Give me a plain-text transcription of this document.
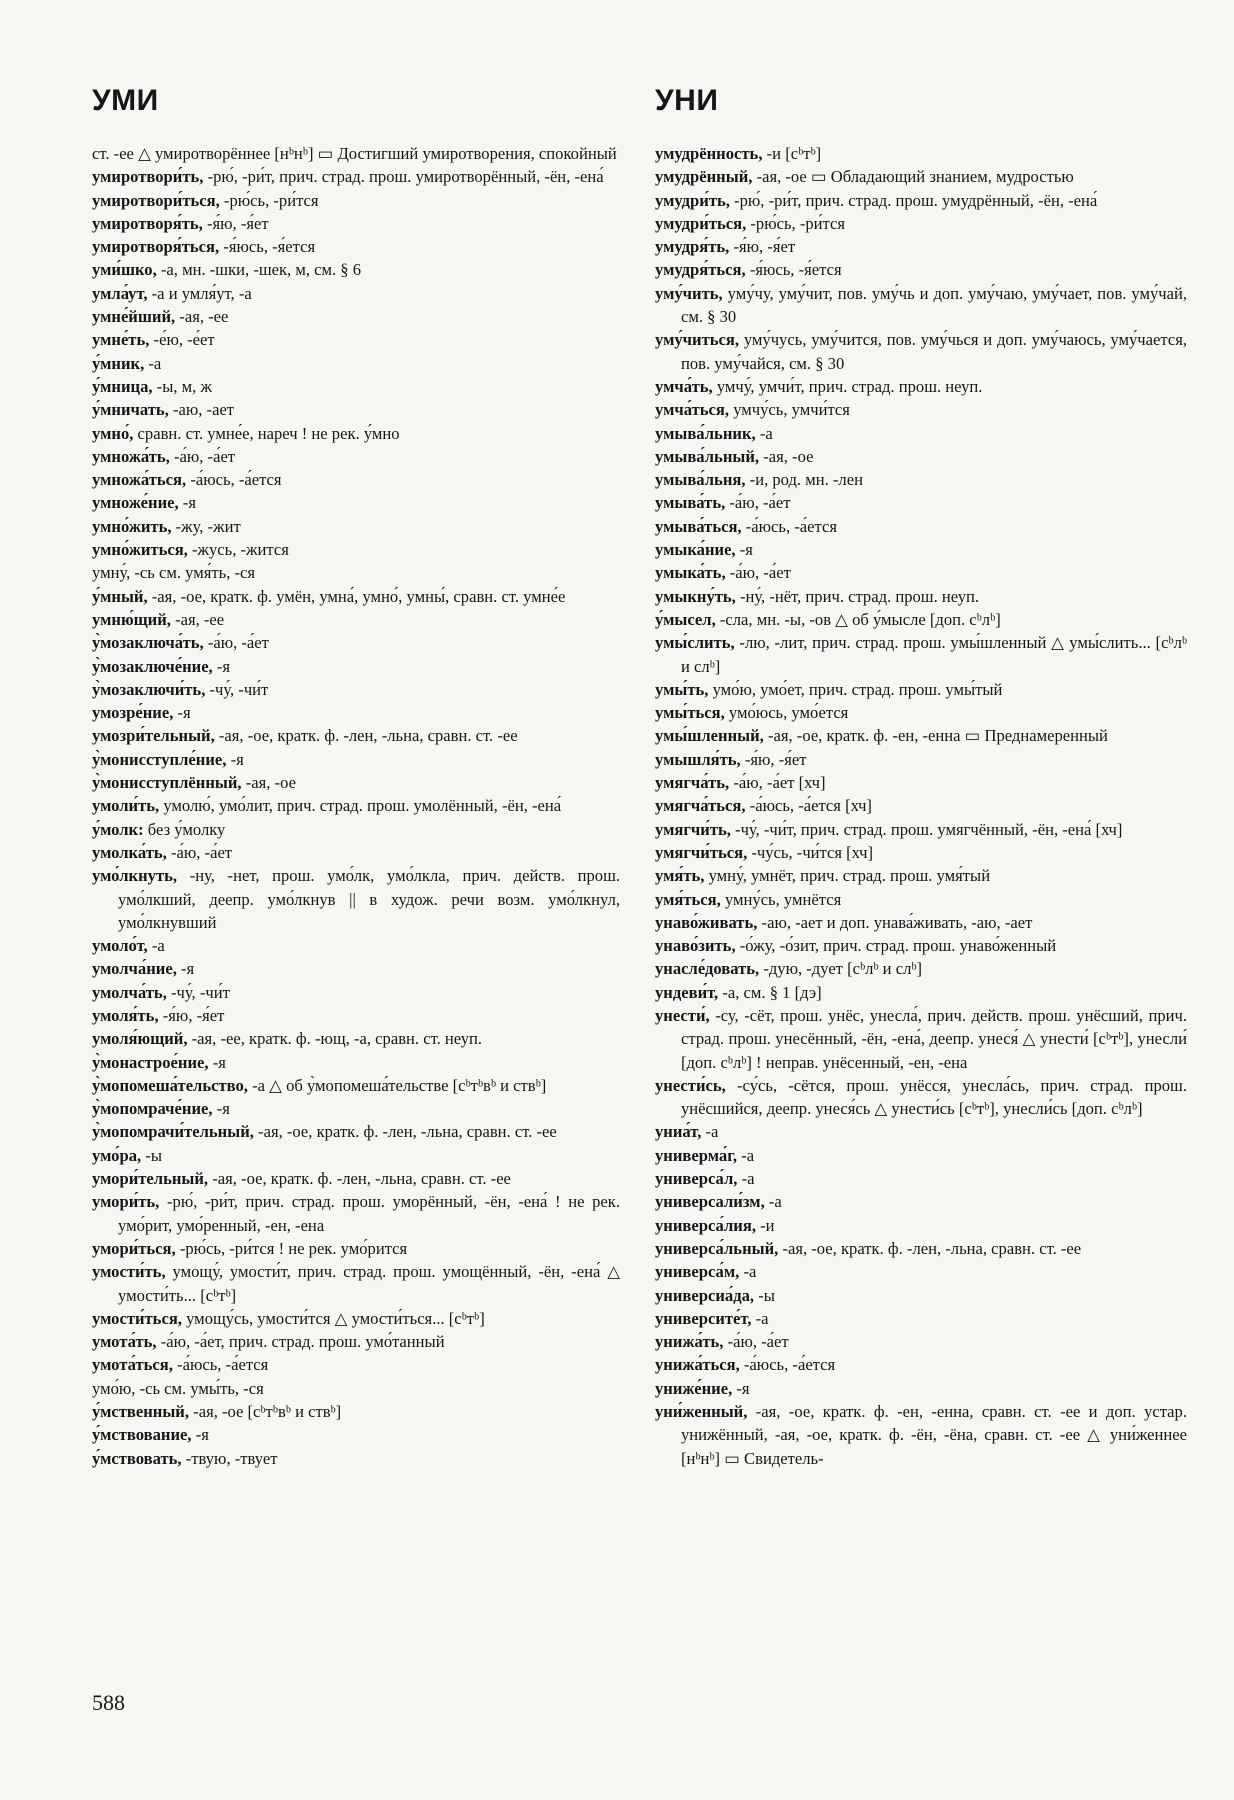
УМИ	УНИ
ст. -ее △ умиротворённее [нᵇнᵇ] ▭ Достигший умиротворения, спокойный
умиротвори́ть, -рю́, -ри́т, прич. страд. прош. умиротворённый, -ён, -ена́
умиротвори́ться, -рю́сь, -ри́тся
умиротворя́ть, -я́ю, -я́ет
умиротворя́ться, -я́юсь, -я́ется
уми́шко, -а, мн. -шки, -шек, м, см. § 6
умла́ут, -а и умля́ут, -а
умне́йший, -ая, -ее
умне́ть, -е́ю, -е́ет
у́мник, -а
у́мница, -ы, м, ж
у́мничать, -аю, -ает
умно́, сравн. ст. умне́е, нареч ! не рек. у́мно
умножа́ть, -а́ю, -а́ет
умножа́ться, -а́юсь, -а́ется
умноже́ние, -я
умно́жить, -жу, -жит
умно́житься, -жусь, -жится
умну́, -сь см. умя́ть, -ся
у́мный, -ая, -ое, кратк. ф. умён, умна́, умно́, умны́, сравн. ст. умне́е
умню́щий, -ая, -ее
у̀мозаключа́ть, -а́ю, -а́ет
у̀мозаключе́ние, -я
у̀мозаключи́ть, -чу́, -чи́т
умозре́ние, -я
умозри́тельный, -ая, -ое, кратк. ф. -лен, -льна, сравн. ст. -ее
у̀монисступле́ние, -я
у̀монисступлённый, -ая, -ое
умоли́ть, умолю́, умо́лит, прич. страд. прош. умолённый, -ён, -ена́
у́молк: без у́молку
умолка́ть, -а́ю, -а́ет
умо́лкнуть, -ну, -нет, прош. умо́лк, умо́лкла, прич. действ. прош. умо́лкший, деепр. умо́лкнув || в худож. речи возм. умо́лкнул, умо́лкнувший
умоло́т, -а
умолча́ние, -я
умолча́ть, -чу́, -чи́т
умоля́ть, -я́ю, -я́ет
умоля́ющий, -ая, -ее, кратк. ф. -ющ, -а, сравн. ст. неуп.
у̀монастрое́ние, -я
у̀мопомеша́тельство, -а △ об у̀мопомеша́тельстве [сᵇтᵇвᵇ и ствᵇ]
у̀мопомраче́ние, -я
у̀мопомрачи́тельный, -ая, -ое, кратк. ф. -лен, -льна, сравн. ст. -ее
умо́ра, -ы
умори́тельный, -ая, -ое, кратк. ф. -лен, -льна, сравн. ст. -ее
умори́ть, -рю́, -ри́т, прич. страд. прош. уморённый, -ён, -ена́ ! не рек. умо́рит, умо́ренный, -ен, -ена
умори́ться, -рю́сь, -ри́тся ! не рек. умо́рится
умости́ть, умощу́, умости́т, прич. страд. прош. умощённый, -ён, -ена́ △ умости́ть... [сᵇтᵇ]
умости́ться, умощу́сь, умости́тся △ умости́ться... [сᵇтᵇ]
умота́ть, -а́ю, -а́ет, прич. страд. прош. умо́танный
умота́ться, -а́юсь, -а́ется
умо́ю, -сь см. умы́ть, -ся
у́мственный, -ая, -ое [сᵇтᵇвᵇ и ствᵇ]
у́мствование, -я
у́мствовать, -твую, -твует
умудрённость, -и [сᵇтᵇ]
умудрённый, -ая, -ое ▭ Обладающий знанием, мудростью
умудри́ть, -рю́, -ри́т, прич. страд. прош. умудрённый, -ён, -ена́
умудри́ться, -рю́сь, -ри́тся
умудря́ть, -я́ю, -я́ет
умудря́ться, -я́юсь, -я́ется
уму́чить, уму́чу, уму́чит, пов. уму́чь и доп. уму́чаю, уму́чает, пов. уму́чай, см. § 30
уму́читься, уму́чусь, уму́чится, пов. уму́чься и доп. уму́чаюсь, уму́чается, пов. уму́чайся, см. § 30
умча́ть, умчу́, умчи́т, прич. страд. прош. неуп.
умча́ться, умчу́сь, умчи́тся
умыва́льник, -а
умыва́льный, -ая, -ое
умыва́льня, -и, род. мн. -лен
умыва́ть, -а́ю, -а́ет
умыва́ться, -а́юсь, -а́ется
умыка́ние, -я
умыка́ть, -а́ю, -а́ет
умыкну́ть, -ну́, -нёт, прич. страд. прош. неуп.
у́мысел, -сла, мн. -ы, -ов △ об у́мысле [доп. сᵇлᵇ]
умы́слить, -лю, -лит, прич. страд. прош. умы́шленный △ умы́слить... [сᵇлᵇ и слᵇ]
умы́ть, умо́ю, умо́ет, прич. страд. прош. умы́тый
умы́ться, умо́юсь, умо́ется
умы́шленный, -ая, -ое, кратк. ф. -ен, -енна ▭ Преднамеренный
умышля́ть, -я́ю, -я́ет
умягча́ть, -а́ю, -а́ет [хч]
умягча́ться, -а́юсь, -а́ется [хч]
умягчи́ть, -чу́, -чи́т, прич. страд. прош. умягчённый, -ён, -ена́ [хч]
умягчи́ться, -чу́сь, -чи́тся [хч]
умя́ть, умну́, умнёт, прич. страд. прош. умя́тый
умя́ться, умну́сь, умнётся
унаво́живать, -аю, -ает и доп. унава́живать, -аю, -ает
унаво́зить, -о́жу, -о́зит, прич. страд. прош. унаво́женный
унасле́довать, -дую, -дует [сᵇлᵇ и слᵇ]
ундеви́т, -а, см. § 1 [дэ]
унести́, -су, -сёт, прош. унёс, унесла́, прич. действ. прош. унёсший, прич. страд. прош. унесённый, -ён, -ена́, деепр. унеся́ △ унести́ [сᵇтᵇ], унесли́ [доп. сᵇлᵇ] ! неправ. унёсенный, -ен, -ена
унести́сь, -су́сь, -сётся, прош. унёсся, унесла́сь, прич. страд. прош. унёсшийся, деепр. унеся́сь △ унести́сь [сᵇтᵇ], унесли́сь [доп. сᵇлᵇ]
униа́т, -а
универма́г, -а
универса́л, -а
универсали́зм, -а
универса́лия, -и
универса́льный, -ая, -ое, кратк. ф. -лен, -льна, сравн. ст. -ее
универса́м, -а
универсиа́да, -ы
университе́т, -а
унижа́ть, -а́ю, -а́ет
унижа́ться, -а́юсь, -а́ется
униже́ние, -я
уни́женный, -ая, -ое, кратк. ф. -ен, -енна, сравн. ст. -ее и доп. устар. унижённый, -ая, -ое, кратк. ф. -ён, -ёна, сравн. ст. -ее △ уни́женнее [нᵇнᵇ] ▭ Свидетель-
588
